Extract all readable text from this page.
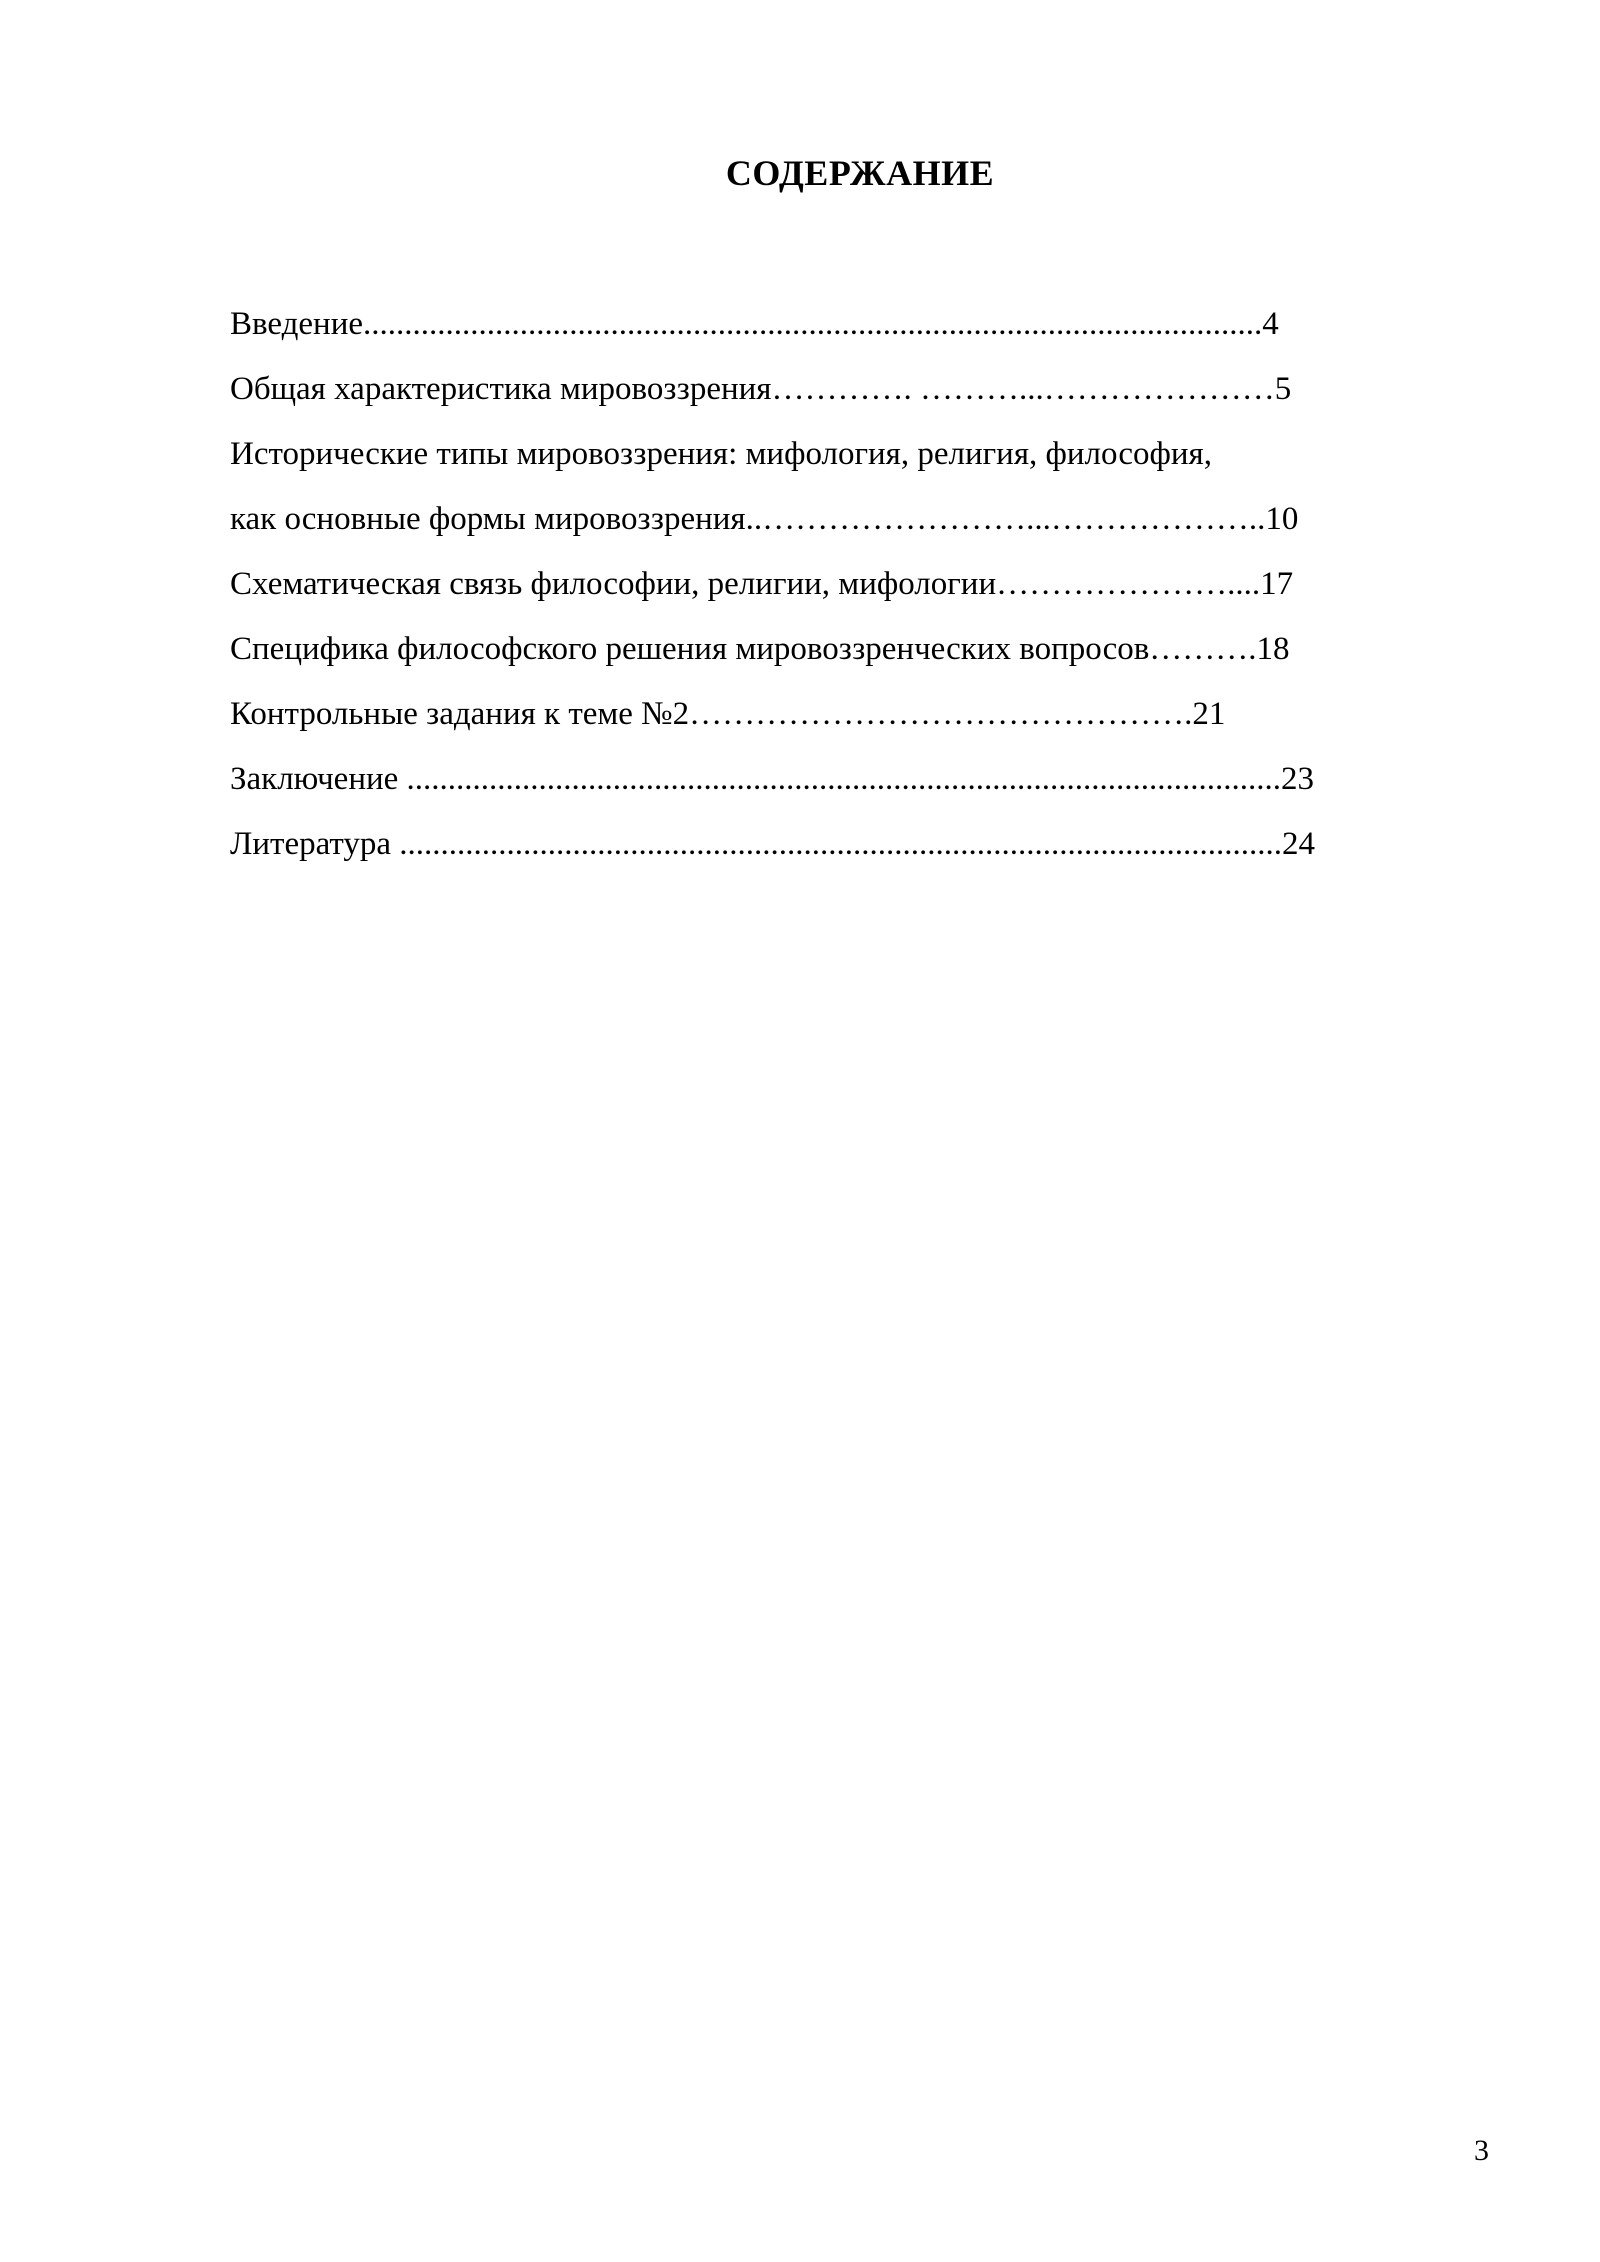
СОДЕРЖАНИЕ
Введение.............................................................................................................4
Общая характеристика мировоззрения…………. ………...…………………5
Исторические типы мировоззрения: мифология, религия, философия,
как основные формы мировоззрения..……………………...………………..10
Схематическая связь философии, религии, мифологии…………………....17
Специфика философского решения мировоззренческих вопросов……….18
Контрольные задания к теме №2……………………………………….21
Заключение ..........................................................................................................23
Литература ...........................................................................................................24
3
